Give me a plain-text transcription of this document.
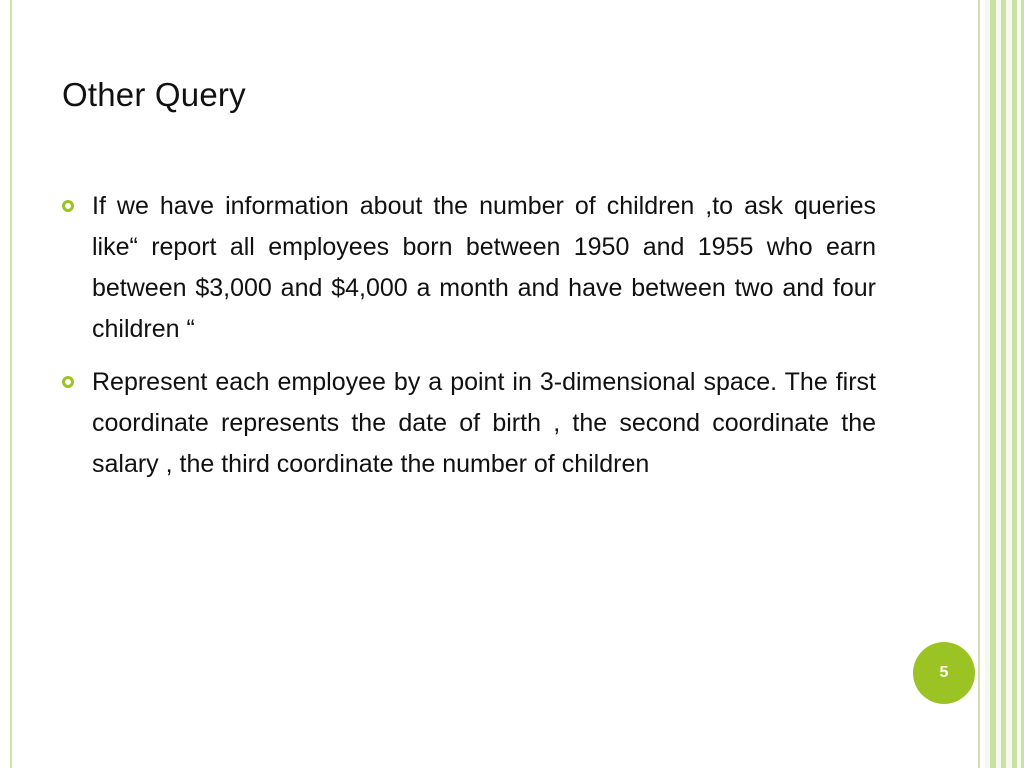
Other Query
If we have information about the number of children ,to ask queries like“ report all employees born between 1950 and 1955 who earn between $3,000 and $4,000 a month and have between two and four children “
Represent each employee by a point in 3-dimensional space. The first coordinate represents the date of birth , the second coordinate the salary , the third coordinate the number of children
5
